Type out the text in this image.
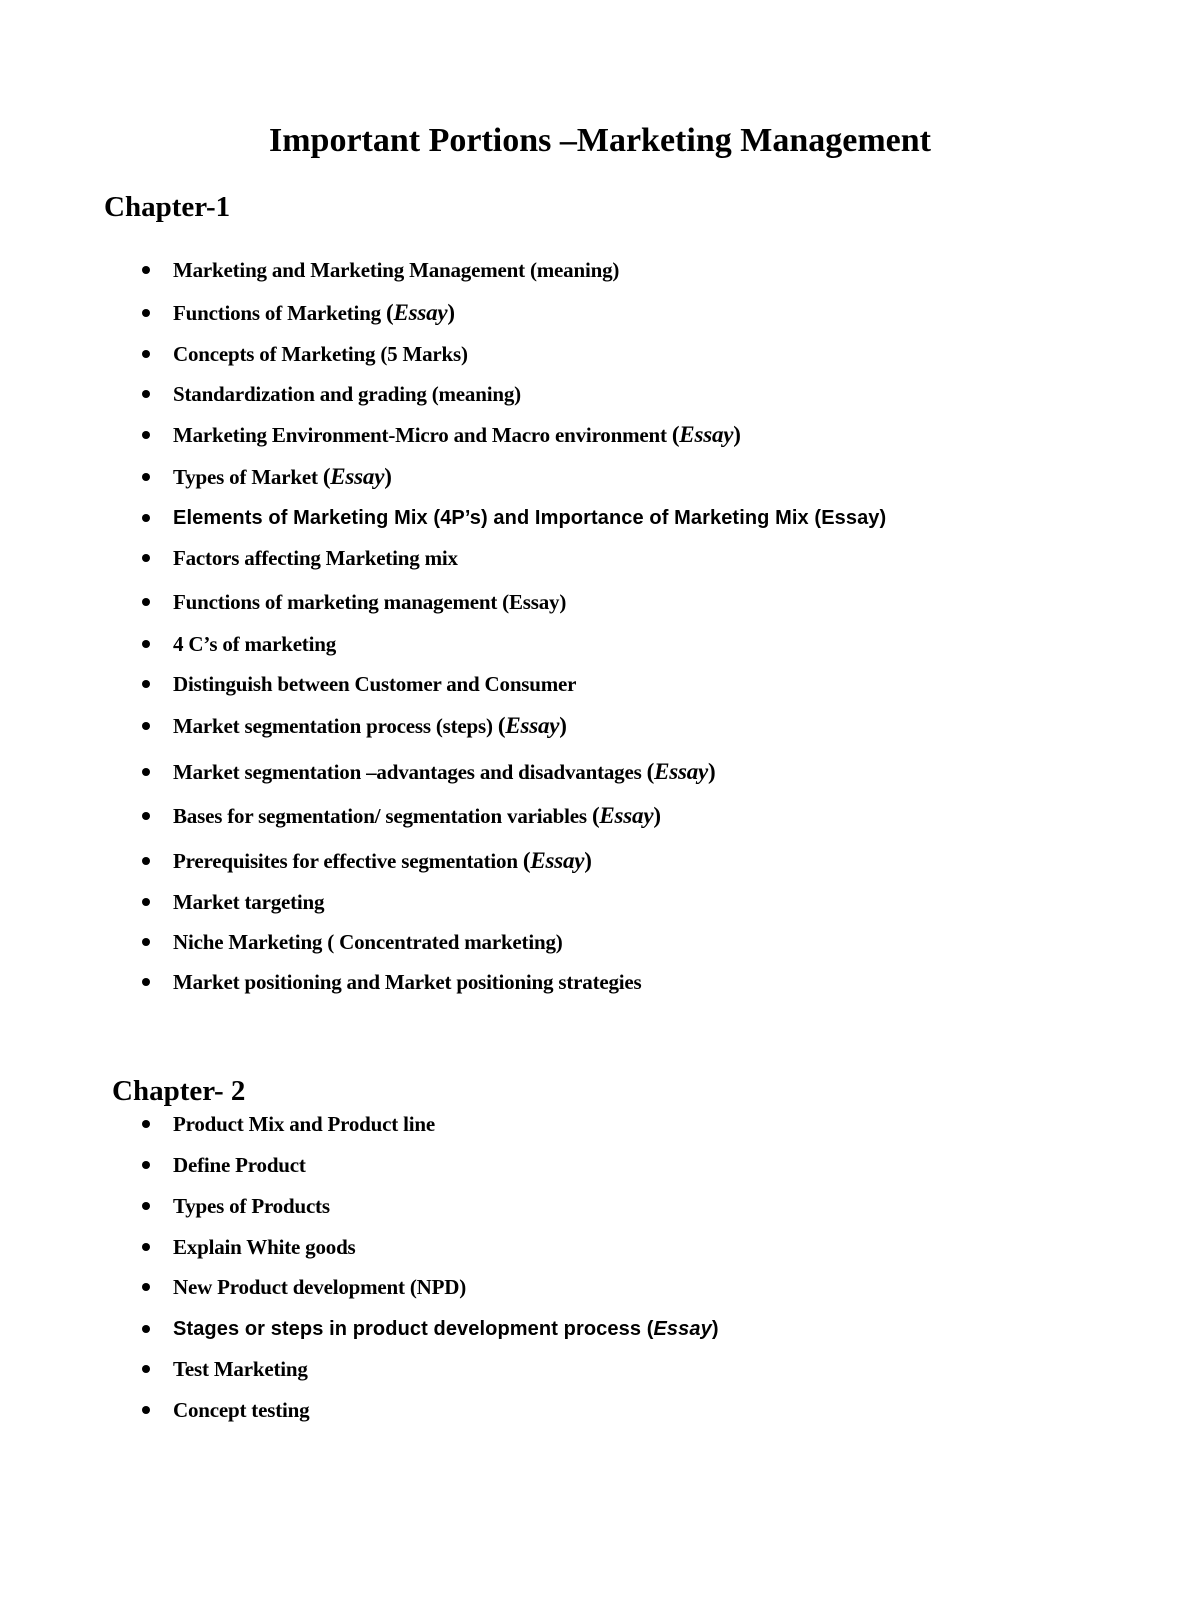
Important Portions –Marketing Management
Chapter-1
Marketing and Marketing Management (meaning)
Functions of Marketing (Essay)
Concepts of Marketing (5 Marks)
Standardization and grading (meaning)
Marketing Environment-Micro and Macro environment (Essay)
Types of Market (Essay)
Elements of Marketing Mix (4P’s) and Importance of Marketing Mix (Essay)
Factors affecting Marketing mix
Functions of marketing management (Essay)
4 C’s of marketing
Distinguish between Customer and Consumer
Market segmentation process (steps) (Essay)
Market segmentation –advantages and disadvantages (Essay)
Bases for segmentation/ segmentation variables (Essay)
Prerequisites for effective segmentation (Essay)
Market targeting
Niche Marketing ( Concentrated marketing)
Market positioning and Market positioning strategies
Chapter- 2
Product Mix and Product line
Define Product
Types of Products
Explain White goods
New Product development (NPD)
Stages or steps in product development process (Essay)
Test Marketing
Concept testing
